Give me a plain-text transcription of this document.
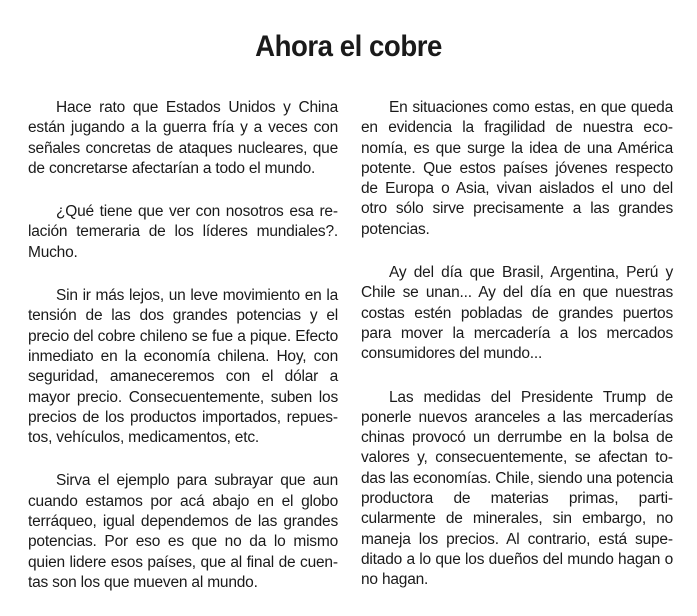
Ahora el cobre

Hace rato que Estados Unidos y China están jugando a la guerra fría y a veces con señales concretas de ataques nucleares, que de concretarse afectarían a todo el mundo.

¿Qué tiene que ver con nosotros esa relación temeraria de los líderes mundiales?. Mucho.

Sin ir más lejos, un leve movimiento en la tensión de las dos grandes potencias y el precio del cobre chileno se fue a pique. Efecto inmediato en la economía chilena. Hoy, con seguridad, amaneceremos con el dólar a mayor precio. Consecuentemente, suben los precios de los productos importados, repuestos, vehículos, medicamentos, etc.

Sirva el ejemplo para subrayar que aun cuando estamos por acá abajo en el globo terráqueo, igual dependemos de las grandes potencias. Por eso es que no da lo mismo quien lidere esos países, que al final de cuentas son los que mueven al mundo.

En situaciones como estas, en que queda en evidencia la fragilidad de nuestra economía, es que surge la idea de una América potente. Que estos países jóvenes respecto de Europa o Asia, vivan aislados el uno del otro sólo sirve precisamente a las grandes potencias.

Ay del día que Brasil, Argentina, Perú y Chile se unan... Ay del día en que nuestras costas estén pobladas de grandes puertos para mover la mercadería a los mercados consumidores del mundo...

Las medidas del Presidente Trump de ponerle nuevos aranceles a las mercaderías chinas provocó un derrumbe en la bolsa de valores y, consecuentemente, se afectan todas las economías. Chile, siendo una potencia productora de materias primas, particularmente de minerales, sin embargo, no maneja los precios. Al contrario, está supeditado a lo que los dueños del mundo hagan o no hagan.
